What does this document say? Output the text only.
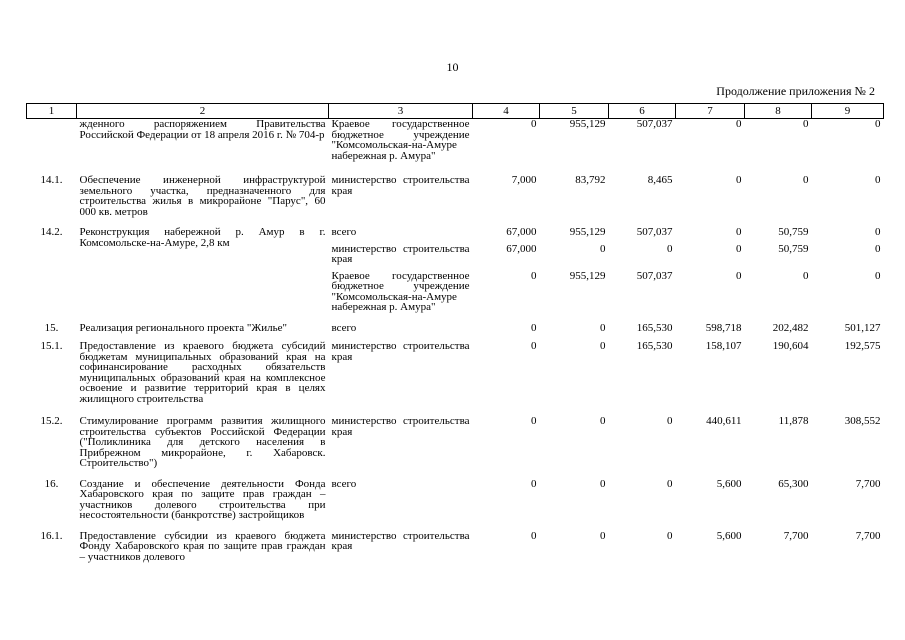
10
Продолжение приложения № 2
1	2	3	4	5	6	7	8	9
	жденного распоряжением Правительства Российской Федерации от 18 апреля 2016 г. № 704-р	Краевое государственное бюджетное учреждение "Комсомольская-на-Амуре набережная р. Амура"	0	955,129	507,037	0	0	0
14.1.	Обеспечение инженерной инфраструктурой земельного участка, предназначенного для строительства жилья в микрорайоне "Парус", 60 000 кв. метров	министерство строительства края	7,000	83,792	8,465	0	0	0
14.2.	Реконструкция набережной р. Амур в г. Комсомольске-на-Амуре, 2,8 км	всего	67,000	955,129	507,037	0	50,759	0
		министерство строительства края	67,000	0	0	0	50,759	0
		Краевое государственное бюджетное учреждение "Комсомольская-на-Амуре набережная р. Амура"	0	955,129	507,037	0	0	0
15.	Реализация регионального проекта "Жилье"	всего	0	0	165,530	598,718	202,482	501,127
15.1.	Предоставление из краевого бюджета субсидий бюджетам муниципальных образований края на софинансирование расходных обязательств муниципальных образований края на комплексное освоение и развитие территорий края в целях жилищного строительства	министерство строительства края	0	0	165,530	158,107	190,604	192,575
15.2.	Стимулирование программ развития жилищного строительства субъектов Российской Федерации ("Поликлиника для детского населения в Прибрежном микрорайоне, г. Хабаровск. Строительство")	министерство строительства края	0	0	0	440,611	11,878	308,552
16.	Создание и обеспечение деятельности Фонда Хабаровского края по защите прав граждан – участников долевого строительства при несостоятельности (банкротстве) застройщиков	всего	0	0	0	5,600	65,300	7,700
16.1.	Предоставление субсидии из краевого бюджета Фонду Хабаровского края по защите прав граждан – участников долевого	министерство строительства края	0	0	0	5,600	7,700	7,700
